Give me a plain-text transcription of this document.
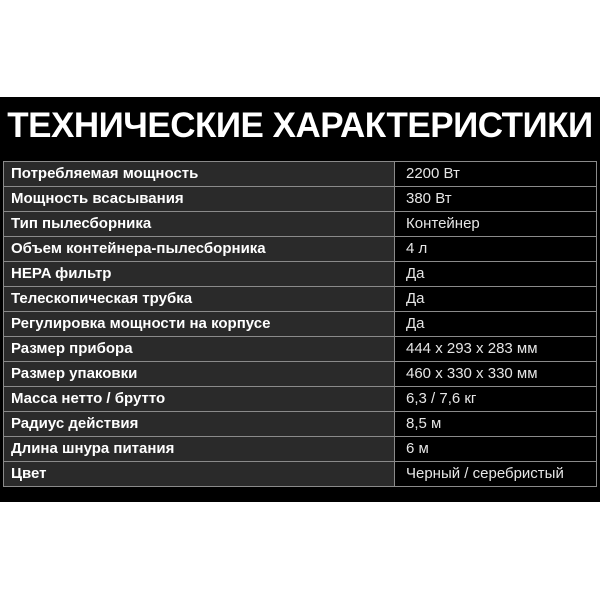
ТЕХНИЧЕСКИЕ ХАРАКТЕРИСТИКИ
Потребляемая мощность	2200 Вт
Мощность всасывания	380 Вт
Тип пылесборника	Контейнер
Объем контейнера-пылесборника	4 л
HEPA фильтр	Да
Телескопическая трубка	Да
Регулировка мощности на корпусе	Да
Размер прибора	444 x 293 x 283 мм
Размер упаковки	460 x 330 x 330 мм
Масса нетто / брутто	6,3 / 7,6 кг
Радиус действия	8,5 м
Длина шнура питания	6 м
Цвет	Черный / серебристый
